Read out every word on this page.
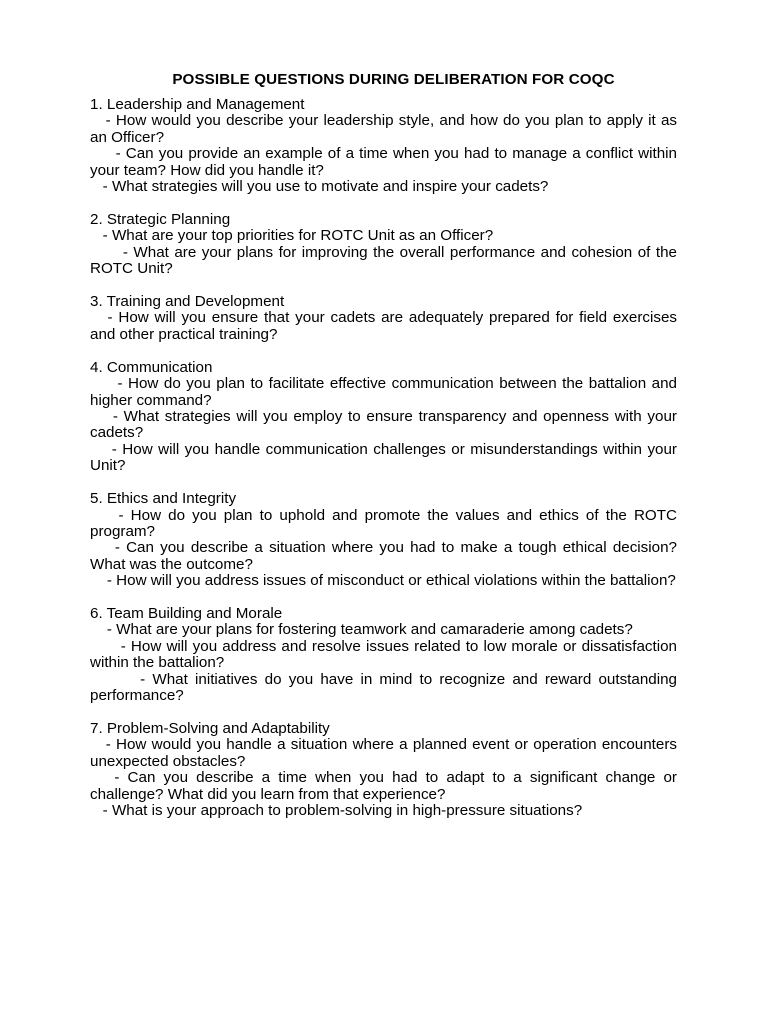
POSSIBLE QUESTIONS DURING DELIBERATION FOR COQC
1. Leadership and Management
- How would you describe your leadership style, and how do you plan to apply it as an Officer?
- Can you provide an example of a time when you had to manage a conflict within your team? How did you handle it?
- What strategies will you use to motivate and inspire your cadets?
2. Strategic Planning
- What are your top priorities for ROTC Unit as an Officer?
- What are your plans for improving the overall performance and cohesion of the ROTC Unit?
3. Training and Development
- How will you ensure that your cadets are adequately prepared for field exercises and other practical training?
4. Communication
- How do you plan to facilitate effective communication between the battalion and higher command?
- What strategies will you employ to ensure transparency and openness with your cadets?
- How will you handle communication challenges or misunderstandings within your Unit?
5. Ethics and Integrity
- How do you plan to uphold and promote the values and ethics of the ROTC program?
- Can you describe a situation where you had to make a tough ethical decision? What was the outcome?
- How will you address issues of misconduct or ethical violations within the battalion?
6. Team Building and Morale
- What are your plans for fostering teamwork and camaraderie among cadets?
- How will you address and resolve issues related to low morale or dissatisfaction within the battalion?
- What initiatives do you have in mind to recognize and reward outstanding performance?
7. Problem-Solving and Adaptability
- How would you handle a situation where a planned event or operation encounters unexpected obstacles?
- Can you describe a time when you had to adapt to a significant change or challenge? What did you learn from that experience?
- What is your approach to problem-solving in high-pressure situations?
